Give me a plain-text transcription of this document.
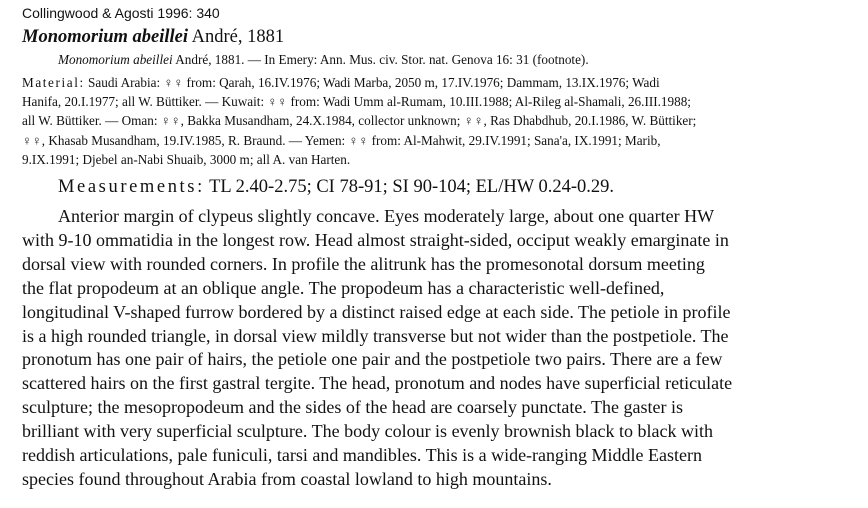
Collingwood & Agosti 1996: 340
Monomorium abeillei André, 1881
Monomorium abeillei André, 1881. — In Emery: Ann. Mus. civ. Stor. nat. Genova 16: 31 (footnote).
Material: Saudi Arabia: ♀♀ from: Qarah, 16.IV.1976; Wadi Marba, 2050 m, 17.IV.1976; Dammam, 13.IX.1976; Wadi
Hanifa, 20.I.1977; all W. Büttiker. — Kuwait: ♀♀ from: Wadi Umm al-Rumam, 10.III.1988; Al-Rileg al-Shamali, 26.III.1988;
all W. Büttiker. — Oman: ♀♀, Bakka Musandham, 24.X.1984, collector unknown; ♀♀, Ras Dhabdhub, 20.I.1986, W. Büttiker;
♀♀, Khasab Musandham, 19.IV.1985, R. Braund. — Yemen: ♀♀ from: Al-Mahwit, 29.IV.1991; Sana'a, IX.1991; Marib,
9.IX.1991; Djebel an-Nabi Shuaib, 3000 m; all A. van Harten.
Measurements: TL 2.40-2.75; CI 78-91; SI 90-104; EL/HW 0.24-0.29.
Anterior margin of clypeus slightly concave. Eyes moderately large, about one quarter HW
with 9-10 ommatidia in the longest row. Head almost straight-sided, occiput weakly emarginate in
dorsal view with rounded corners. In profile the alitrunk has the promesonotal dorsum meeting
the flat propodeum at an oblique angle. The propodeum has a characteristic well-defined,
longitudinal V-shaped furrow bordered by a distinct raised edge at each side. The petiole in profile
is a high rounded triangle, in dorsal view mildly transverse but not wider than the postpetiole. The
pronotum has one pair of hairs, the petiole one pair and the postpetiole two pairs. There are a few
scattered hairs on the first gastral tergite. The head, pronotum and nodes have superficial reticulate
sculpture; the mesopropodeum and the sides of the head are coarsely punctate. The gaster is
brilliant with very superficial sculpture. The body colour is evenly brownish black to black with
reddish articulations, pale funiculi, tarsi and mandibles. This is a wide-ranging Middle Eastern
species found throughout Arabia from coastal lowland to high mountains.
